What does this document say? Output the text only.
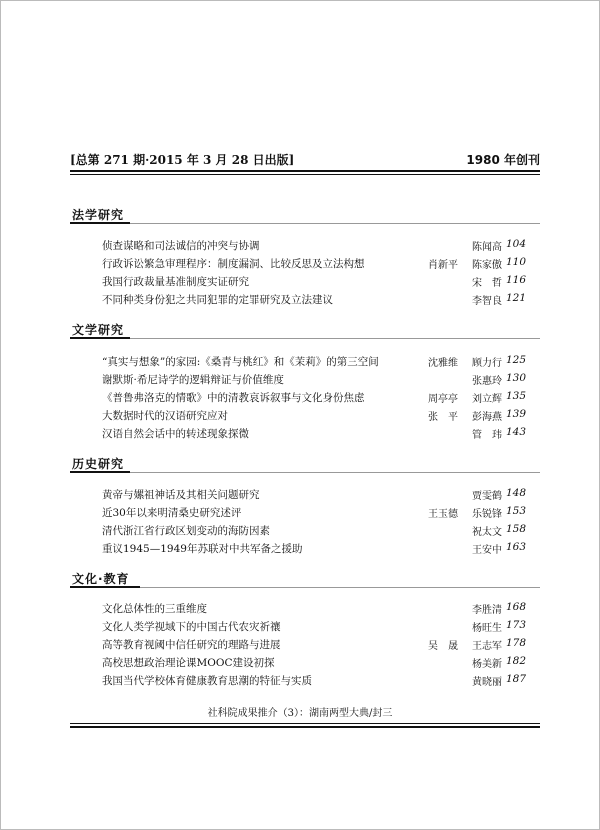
[总第 271 期·2015 年 3 月 28 日出版]	1980 年创刊
法学研究
侦查谋略和司法诚信的冲突与协调	陈闻高 104
行政诉讼繁急审理程序：制度漏洞、比较反思及立法构想	肖新平 陈家傲 110
我国行政裁量基准制度实证研究	宋　哲 116
不同种类身份犯之共同犯罪的定罪研究及立法建议	李智良 121
文学研究
“真实与想象”的家园:《桑青与桃红》和《茉莉》的第三空间	沈雅维 顾力行 125
谢默斯·希尼诗学的逻辑辩证与价值维度	张惠玲 130
《普鲁弗洛克的情歌》中的清教哀诉叙事与文化身份焦虑	周亭亭 刘立辉 135
大数据时代的汉语研究应对	张　平 彭海燕 139
汉语自然会话中的转述现象探微	管　玮 143
历史研究
黄帝与嫘祖神话及其相关问题研究	贾雯鹤 148
近30年以来明清桑史研究述评	王玉德 乐锐锋 153
清代浙江省行政区划变动的海防因素	祝太文 158
重议1945—1949年苏联对中共军备之援助	王安中 163
文化·教育
文化总体性的三重维度	李胜清 168
文化人类学视域下的中国古代农灾祈禳	杨旺生 173
高等教育视阈中信任研究的理路与进展	吴　晟 王志军 178
高校思想政治理论课MOOC建设初探	杨美新 182
我国当代学校体育健康教育思潮的特征与实质	黄晓丽 187
社科院成果推介（3）：湖南两型大典/封三
